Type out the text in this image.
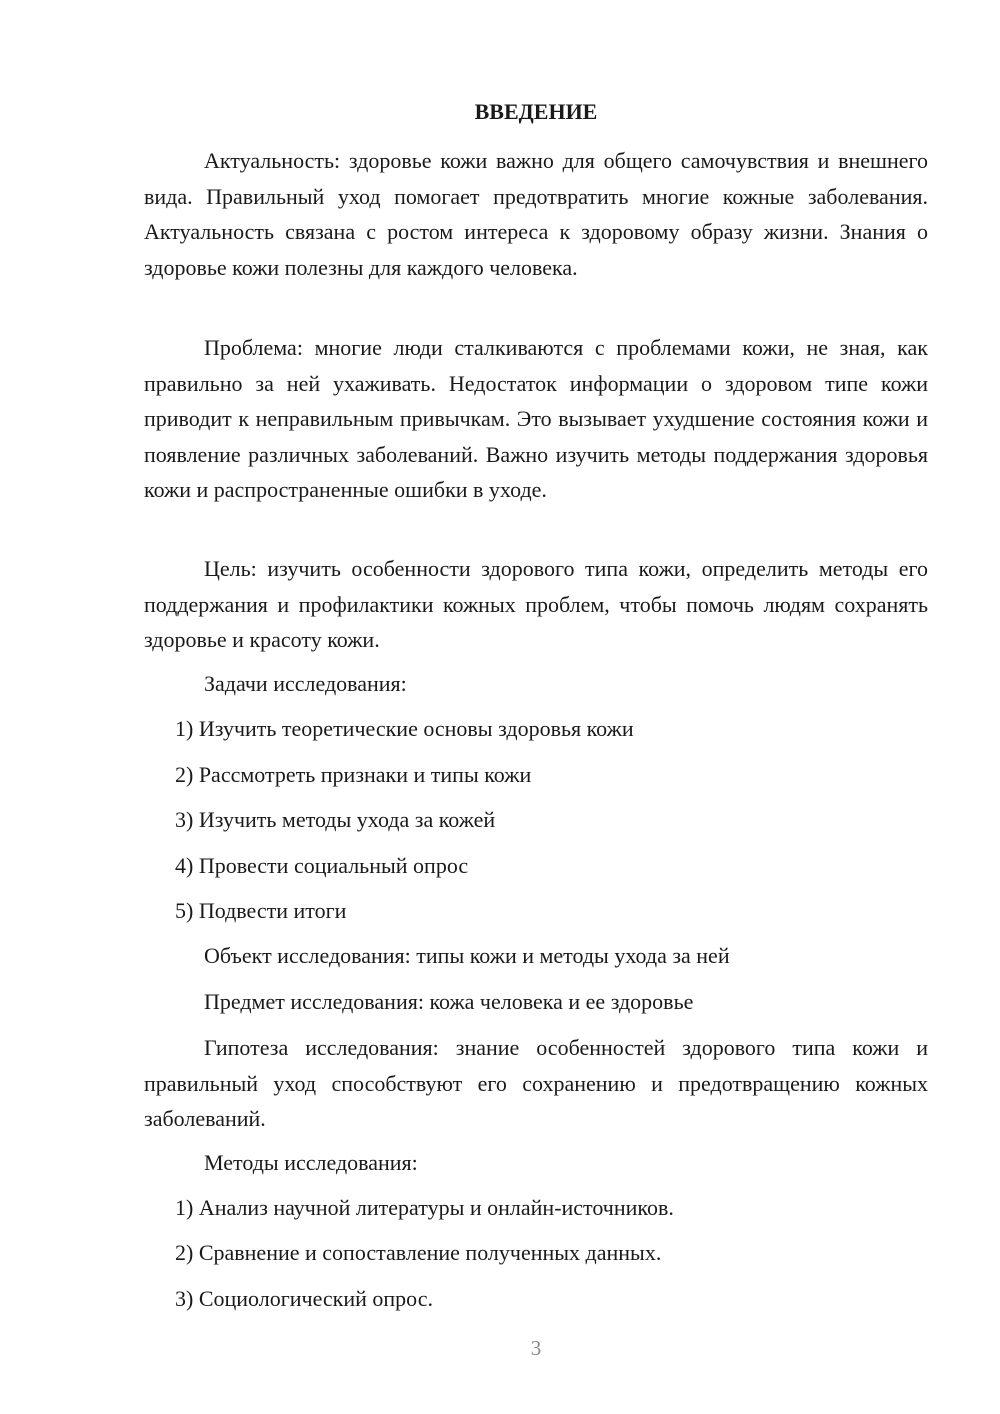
ВВЕДЕНИЕ

Актуальность: здоровье кожи важно для общего самочувствия и внешнего вида. Правильный уход помогает предотвратить многие кожные заболевания. Актуальность связана с ростом интереса к здоровому образу жизни. Знания о здоровье кожи полезны для каждого человека.

Проблема: многие люди сталкиваются с проблемами кожи, не зная, как правильно за ней ухаживать. Недостаток информации о здоровом типе кожи приводит к неправильным привычкам. Это вызывает ухудшение состояния кожи и появление различных заболеваний. Важно изучить методы поддержания здоровья кожи и распространенные ошибки в уходе.

Цель: изучить особенности здорового типа кожи, определить методы его поддержания и профилактики кожных проблем, чтобы помочь людям сохранять здоровье и красоту кожи.

Задачи исследования:
1) Изучить теоретические основы здоровья кожи
2) Рассмотреть признаки и типы кожи
3) Изучить методы ухода за кожей
4) Провести социальный опрос
5) Подвести итоги
Объект исследования: типы кожи и методы ухода за ней
Предмет исследования: кожа человека и ее здоровье

Гипотеза исследования: знание особенностей здорового типа кожи и правильный уход способствуют его сохранению и предотвращению кожных заболеваний.

Методы исследования:
1) Анализ научной литературы и онлайн-источников.
2) Сравнение и сопоставление полученных данных.
3) Социологический опрос.
3
